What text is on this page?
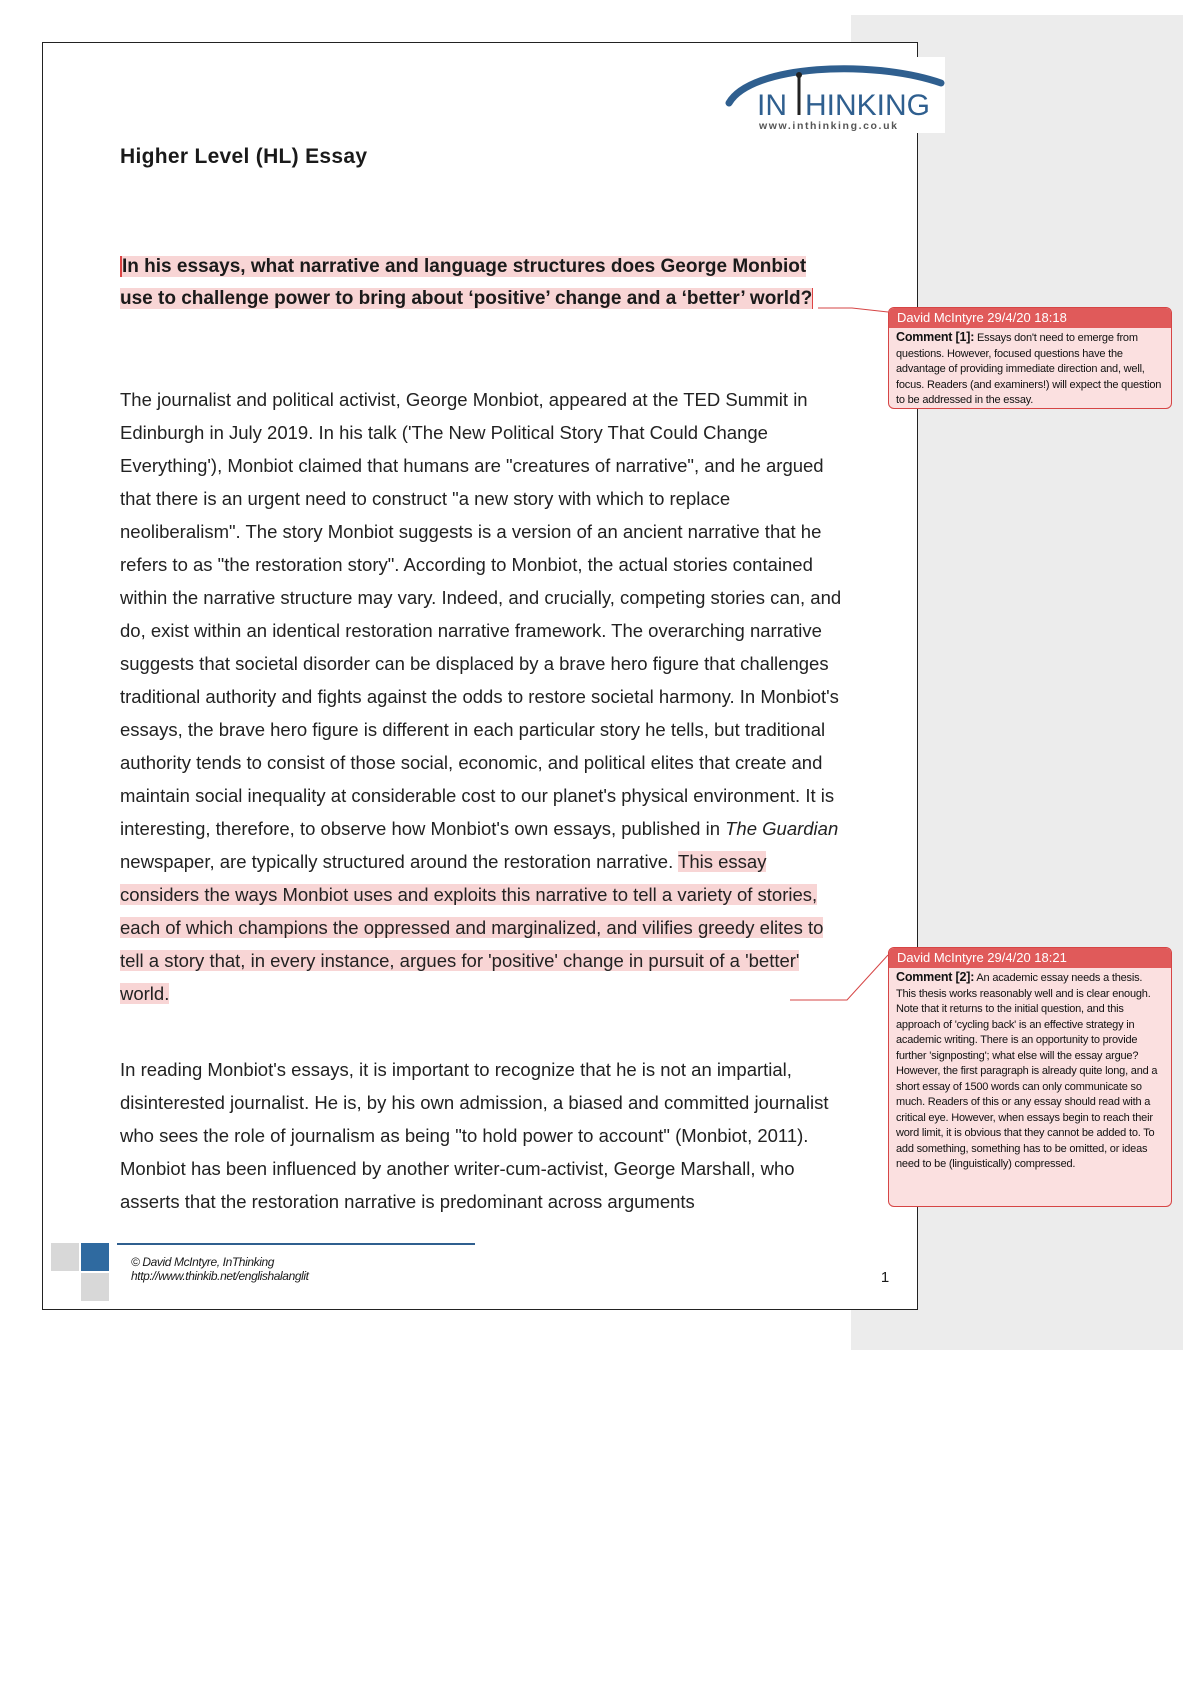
IN HINKING
www.inthinking.co.uk
Higher Level (HL) Essay

In his essays, what narrative and language structures does George Monbiot use to challenge power to bring about ‘positive’ change and a ‘better’ world?

The journalist and political activist, George Monbiot, appeared at the TED Summit in Edinburgh in July 2019. In his talk ('The New Political Story That Could Change Everything'), Monbiot claimed that humans are "creatures of narrative", and he argued that there is an urgent need to construct "a new story with which to replace neoliberalism". The story Monbiot suggests is a version of an ancient narrative that he refers to as "the restoration story". According to Monbiot, the actual stories contained within the narrative structure may vary. Indeed, and crucially, competing stories can, and do, exist within an identical restoration narrative framework. The overarching narrative suggests that societal disorder can be displaced by a brave hero figure that challenges traditional authority and fights against the odds to restore societal harmony. In Monbiot's essays, the brave hero figure is different in each particular story he tells, but traditional authority tends to consist of those social, economic, and political elites that create and maintain social inequality at considerable cost to our planet's physical environment. It is interesting, therefore, to observe how Monbiot's own essays, published in The Guardian newspaper, are typically structured around the restoration narrative. This essay considers the ways Monbiot uses and exploits this narrative to tell a variety of stories, each of which champions the oppressed and marginalized, and vilifies greedy elites to tell a story that, in every instance, argues for 'positive' change in pursuit of a 'better' world.

In reading Monbiot's essays, it is important to recognize that he is not an impartial, disinterested journalist. He is, by his own admission, a biased and committed journalist who sees the role of journalism as being "to hold power to account" (Monbiot, 2011). Monbiot has been influenced by another writer-cum-activist, George Marshall, who asserts that the restoration narrative is predominant across arguments

© David McIntyre, InThinking
http://www.thinkib.net/englishalanglit	1
David McIntyre 29/4/20 18:18
Comment [1]: Essays don't need to emerge from questions. However, focused questions have the advantage of providing immediate direction and, well, focus. Readers (and examiners!) will expect the question to be addressed in the essay.
David McIntyre 29/4/20 18:21
Comment [2]: An academic essay needs a thesis. This thesis works reasonably well and is clear enough. Note that it returns to the initial question, and this approach of 'cycling back' is an effective strategy in academic writing. There is an opportunity to provide further 'signposting'; what else will the essay argue? However, the first paragraph is already quite long, and a short essay of 1500 words can only communicate so much. Readers of this or any essay should read with a critical eye. However, when essays begin to reach their word limit, it is obvious that they cannot be added to. To add something, something has to be omitted, or ideas need to be (linguistically) compressed.
